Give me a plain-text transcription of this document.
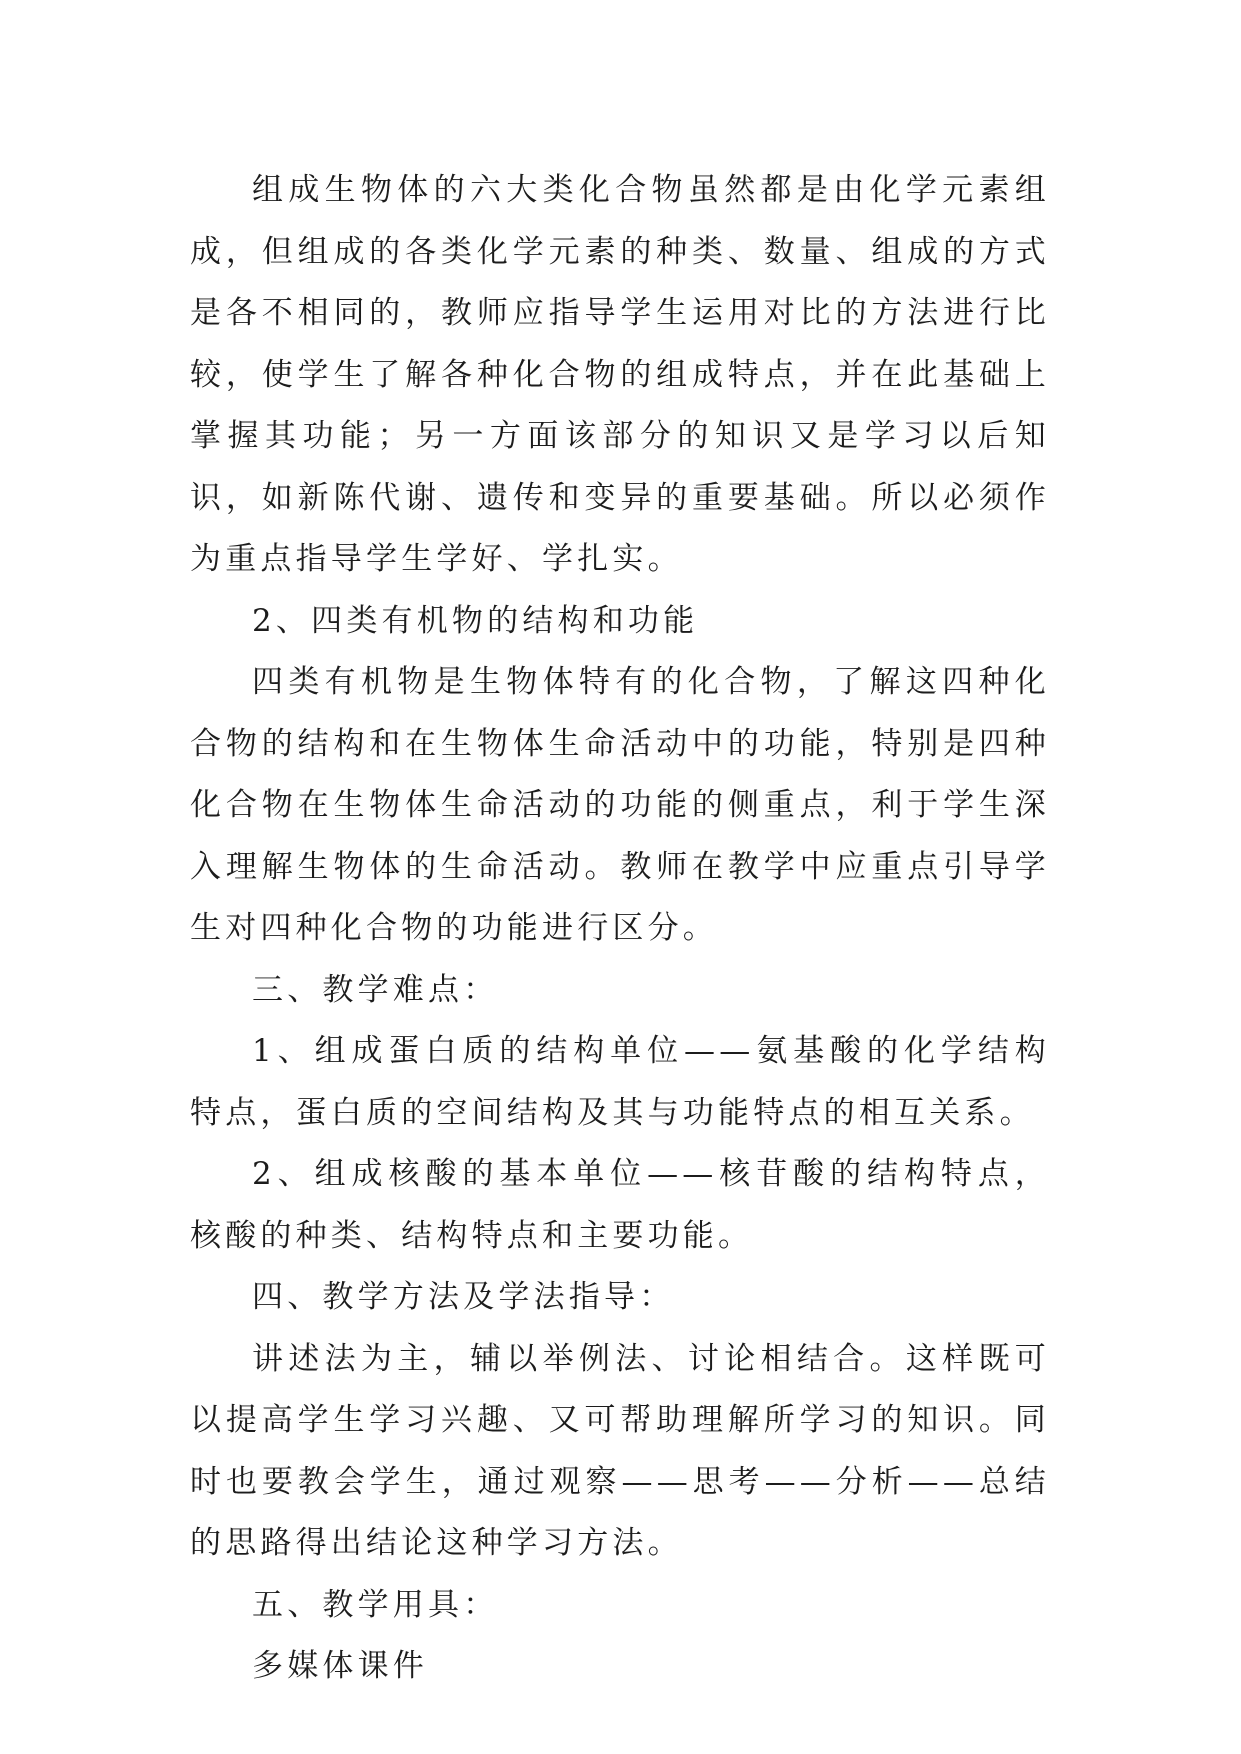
组成生物体的六大类化合物虽然都是由化学元素组成，但组成的各类化学元素的种类、数量、组成的方式是各不相同的，教师应指导学生运用对比的方法进行比较，使学生了解各种化合物的组成特点，并在此基础上掌握其功能；另一方面该部分的知识又是学习以后知识，如新陈代谢、遗传和变异的重要基础。所以必须作为重点指导学生学好、学扎实。

2、四类有机物的结构和功能

四类有机物是生物体特有的化合物，了解这四种化合物的结构和在生物体生命活动中的功能，特别是四种化合物在生物体生命活动的功能的侧重点，利于学生深入理解生物体的生命活动。教师在教学中应重点引导学生对四种化合物的功能进行区分。

三、教学难点：

1、组成蛋白质的结构单位——氨基酸的化学结构特点，蛋白质的空间结构及其与功能特点的相互关系。

2、组成核酸的基本单位——核苷酸的结构特点，核酸的种类、结构特点和主要功能。

四、教学方法及学法指导：

讲述法为主，辅以举例法、讨论相结合。这样既可以提高学生学习兴趣、又可帮助理解所学习的知识。同时也要教会学生，通过观察——思考——分析——总结的思路得出结论这种学习方法。

五、教学用具：

多媒体课件
